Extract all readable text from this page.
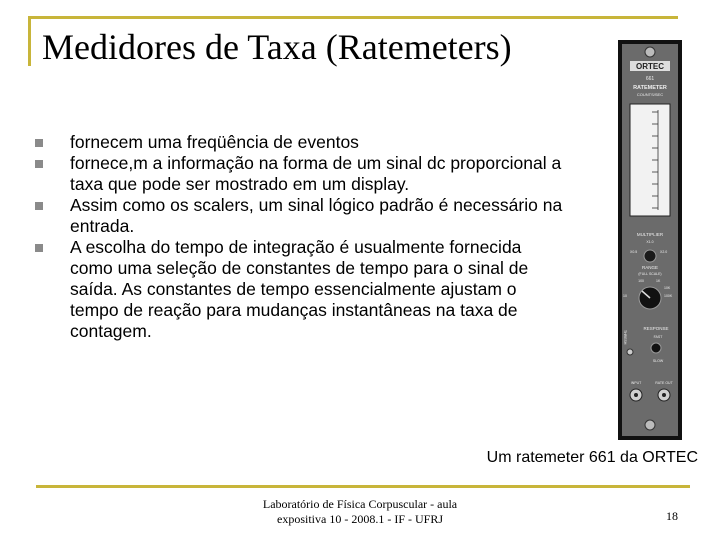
Medidores de Taxa (Ratemeters)
fornecem uma freqüência de eventos
fornece,m a informação na forma de um sinal dc proporcional a taxa que pode ser mostrado em um display.
Assim como os scalers, um sinal lógico padrão é necessário na entrada.
A escolha do tempo de integração é usualmente fornecida como uma seleção de constantes de tempo para o sinal de saída. As constantes de tempo essencialmente ajustam o tempo de reação para mudanças instantâneas na taxa de contagem.
ORTEC
661
RATEMETER
COUNTS/SEC
MULTIPLIER
X1.0
X0.5	X2.0
RANGE
(FULL SCALE)
100	1K
10
10K
100K
THRESH
RESPONSE
FAST
SLOW
INPUT	RATE OUT
Um ratemeter 661 da ORTEC
Laboratório de Física Corpuscular - aula expositiva 10 - 2008.1 - IF - UFRJ	18
